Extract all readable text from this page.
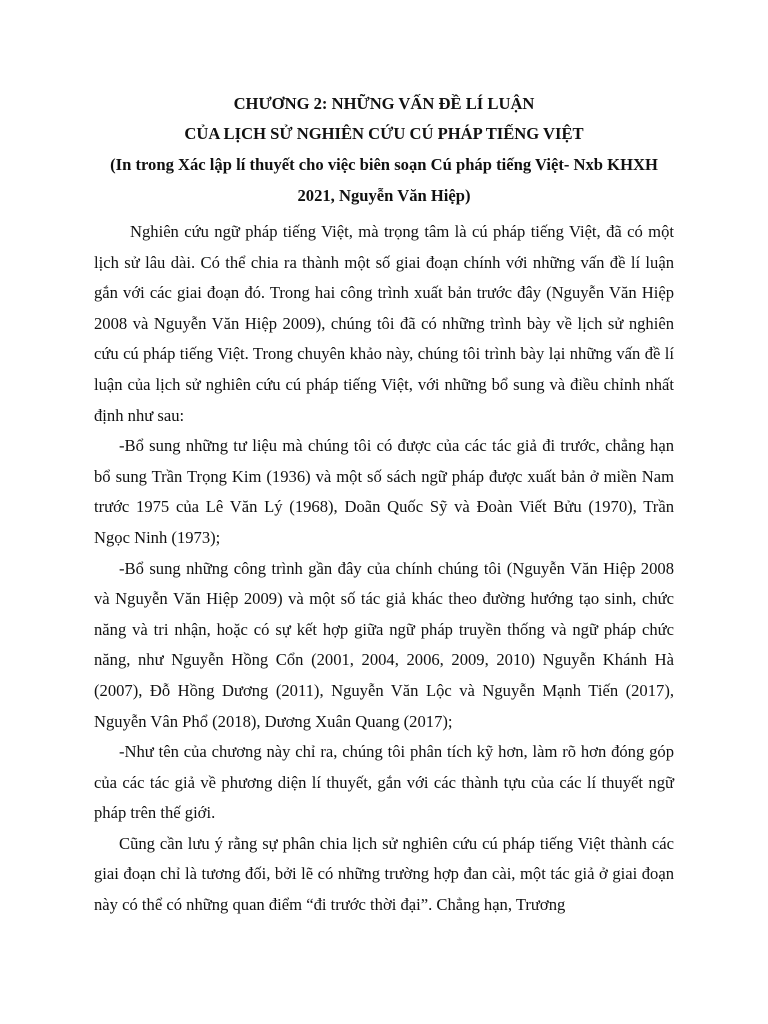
CHƯƠNG 2: NHỮNG VẤN ĐỀ LÍ LUẬN

CỦA LỊCH SỬ NGHIÊN CỨU CÚ PHÁP TIẾNG VIỆT

(In trong Xác lập lí thuyết cho việc biên soạn Cú pháp tiếng Việt- Nxb KHXH 2021, Nguyễn Văn Hiệp)

Nghiên cứu ngữ pháp tiếng Việt, mà trọng tâm là cú pháp tiếng Việt, đã có một lịch sử lâu dài. Có thể chia ra thành một số giai đoạn chính với những vấn đề lí luận gắn với các giai đoạn đó. Trong hai công trình xuất bản trước đây (Nguyễn Văn Hiệp 2008 và Nguyễn Văn Hiệp 2009), chúng tôi đã có những trình bày về lịch sử nghiên cứu cú pháp tiếng Việt. Trong chuyên khảo này, chúng tôi trình bày lại những vấn đề lí luận của lịch sử nghiên cứu cú pháp tiếng Việt, với những bổ sung và điều chỉnh nhất định như sau:

-Bổ sung những tư liệu mà chúng tôi có được của các tác giả đi trước, chẳng hạn bổ sung Trần Trọng Kim (1936) và một số sách ngữ pháp được xuất bản ở miền Nam trước 1975 của Lê Văn Lý (1968), Doãn Quốc Sỹ và Đoàn Viết Bửu (1970), Trần Ngọc Ninh (1973);

-Bổ sung những công trình gần đây của chính chúng tôi (Nguyễn Văn Hiệp 2008 và Nguyễn Văn Hiệp 2009) và một số tác giả khác theo đường hướng tạo sinh, chức năng và tri nhận, hoặc có sự kết hợp giữa ngữ pháp truyền thống và ngữ pháp chức năng, như Nguyễn Hồng Cổn (2001, 2004, 2006, 2009, 2010) Nguyễn Khánh Hà (2007), Đỗ Hồng Dương (2011), Nguyễn Văn Lộc và Nguyễn Mạnh Tiến (2017), Nguyễn Vân Phổ (2018), Dương Xuân Quang (2017);

-Như tên của chương này chỉ ra, chúng tôi phân tích kỹ hơn, làm rõ hơn đóng góp của các tác giả về phương diện lí thuyết, gắn với các thành tựu của các lí thuyết ngữ pháp trên thế giới.

Cũng cần lưu ý rằng sự phân chia lịch sử nghiên cứu cú pháp tiếng Việt thành các giai đoạn chỉ là tương đối, bởi lẽ có những trường hợp đan cài, một tác giả ở giai đoạn này có thể có những quan điểm “đi trước thời đại”. Chẳng hạn, Trương
